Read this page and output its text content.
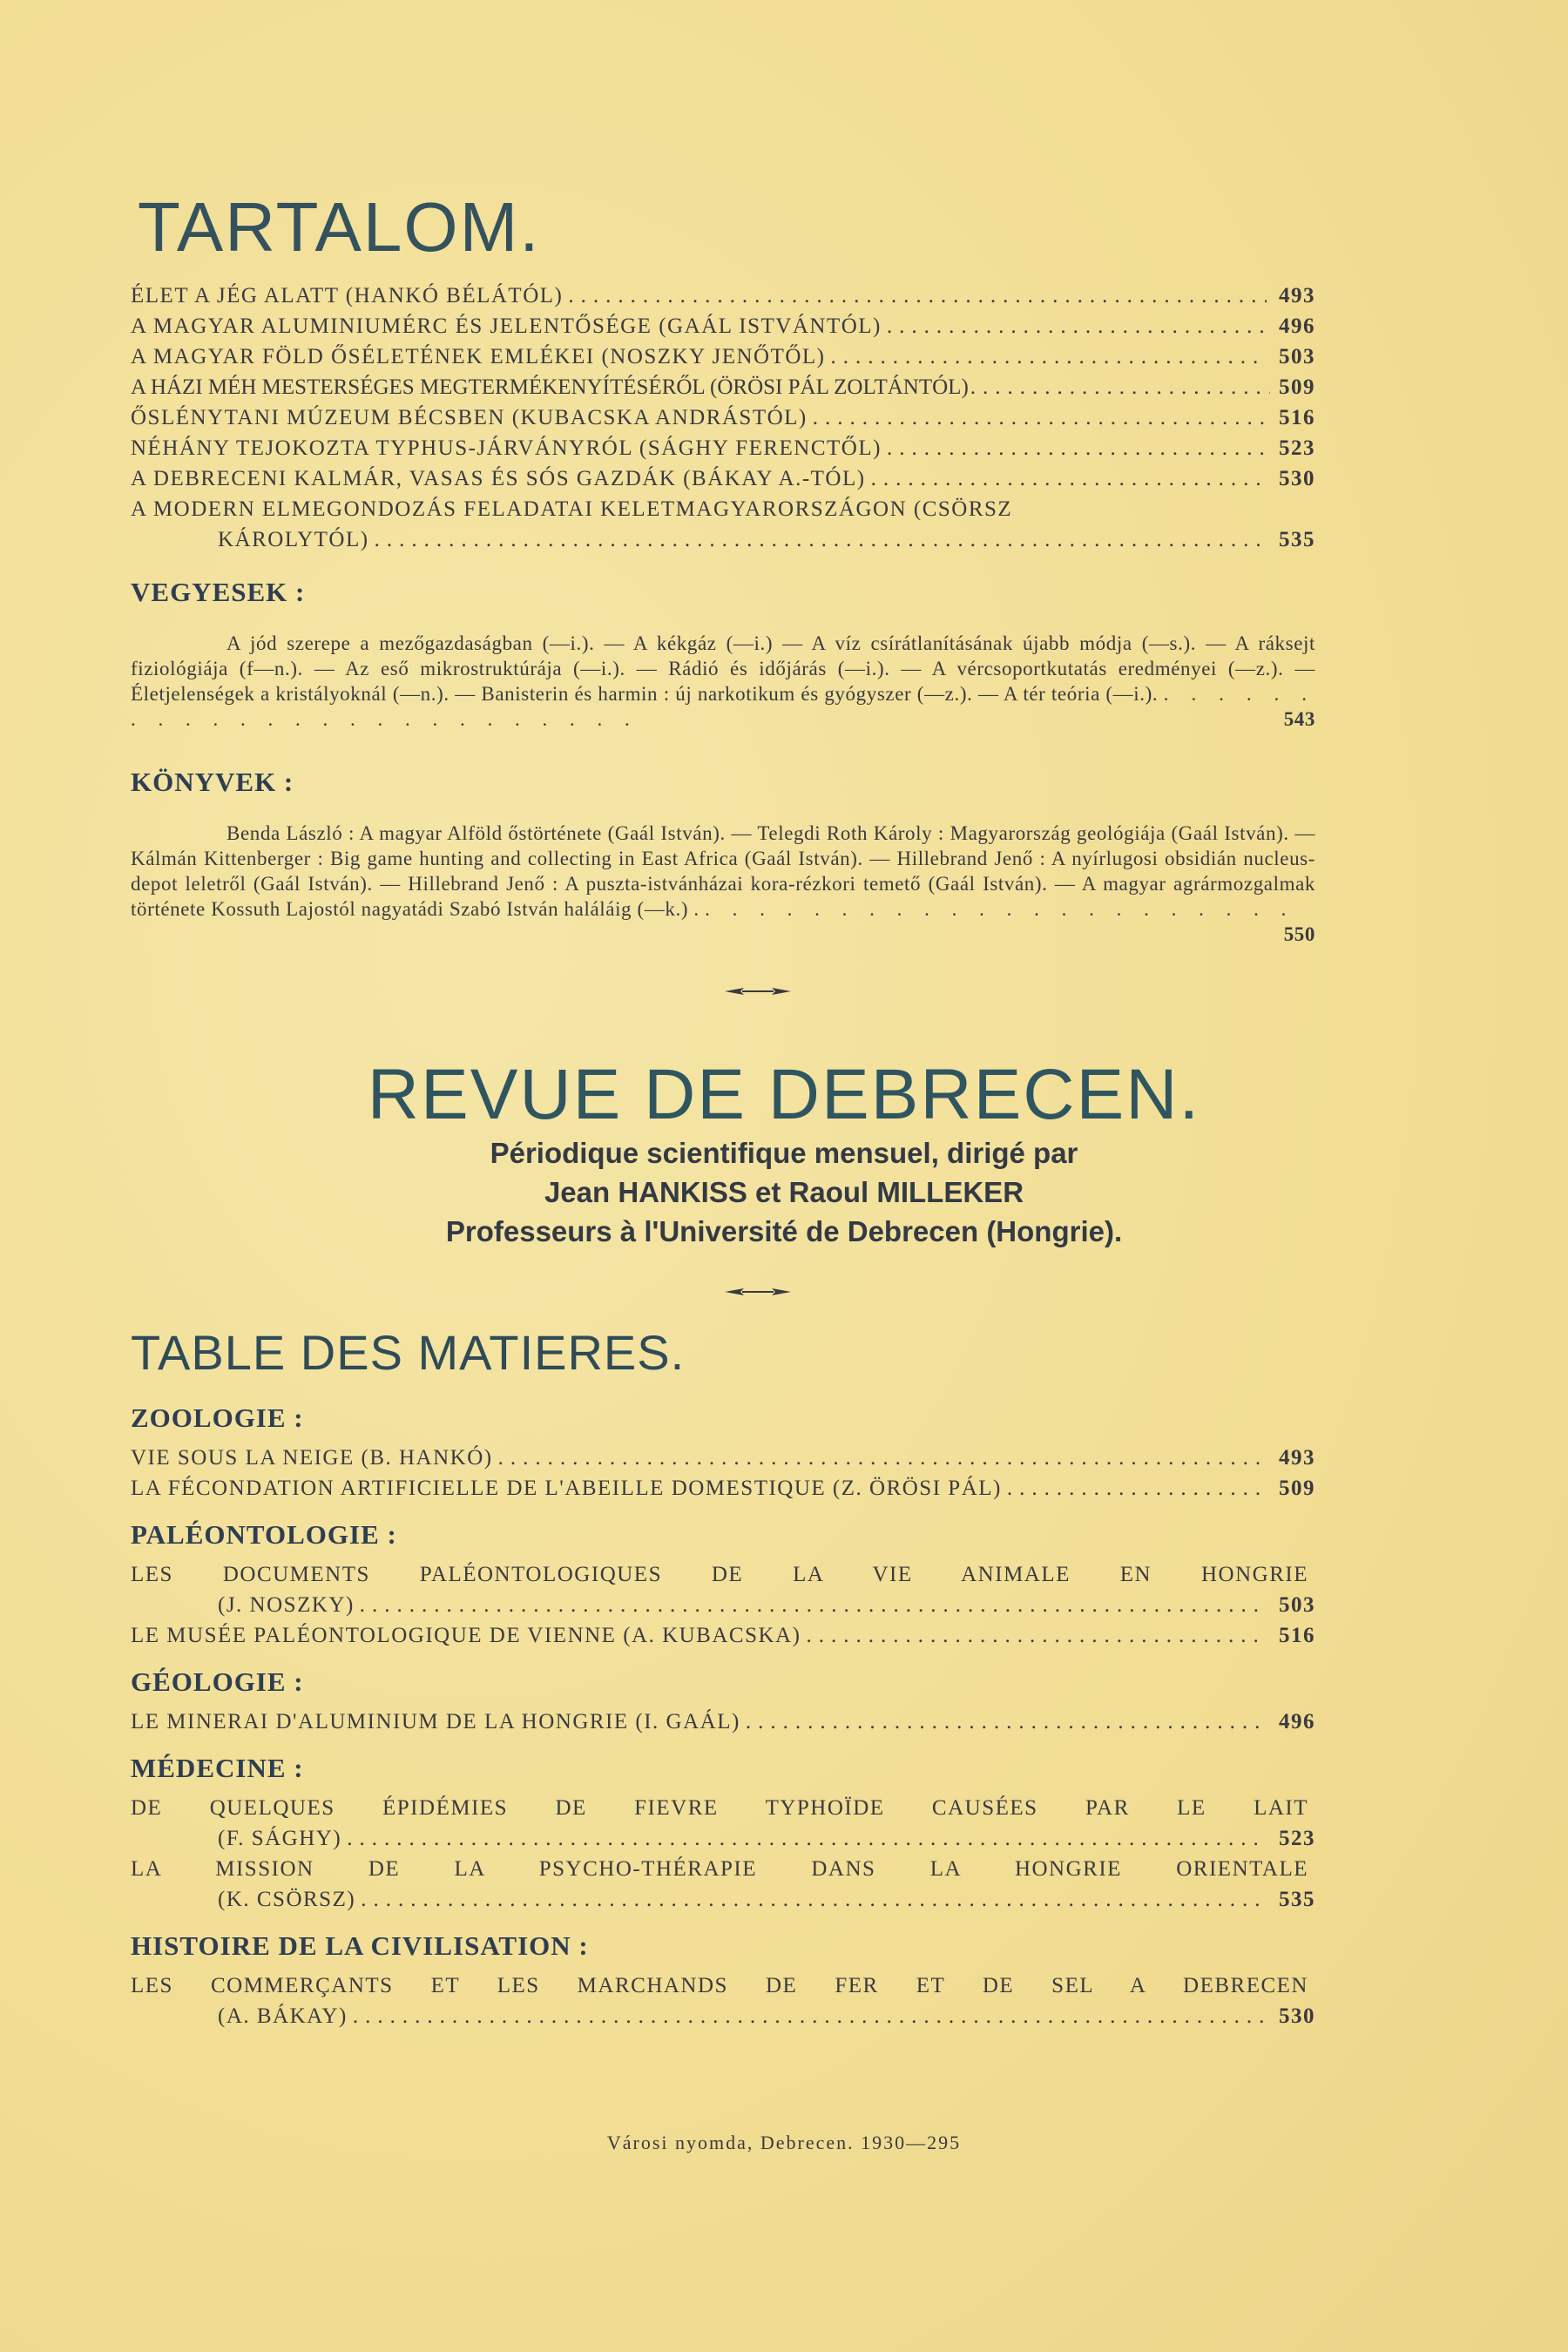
TARTALOM.
ÉLET A JÉG ALATT (HANKÓ BÉLÁTÓL) .....	493
A MAGYAR ALUMINIUMÉRC ÉS JELENTŐSÉGE (GAÁL ISTVÁNTÓL) .....	496
A MAGYAR FÖLD ŐSÉLETÉNEK EMLÉKEI (NOSZKY JENŐTŐL) .....	503
A HÁZI MÉH MESTERSÉGES MEGTERMÉKENYÍTÉSÉRŐL (ÖRÖSI PÁL ZOLTÁNTÓL) .....	509
ŐSLÉNYTANI MÚZEUM BÉCSBEN (KUBACSKA ANDRÁSTÓL) .....	516
NÉHÁNY TEJOKOZTA TYPHUS-JÁRVÁNYRÓL (SÁGHY FERENCTŐL) .....	523
A DEBRECENI KALMÁR, VASAS ÉS SÓS GAZDÁK (BÁKAY A.-TÓL) .....	530
A MODERN ELMEGONDOZÁS FELADATAI KELETMAGYARORSZÁGON (CSÖRSZ
KÁROLYTÓL) .....	535
VEGYESEK :

A jód szerepe a mezőgazdaságban (—i.). — A kékgáz (—i.) — A víz csírátlanításának újabb módja (—s.). — A ráksejt fiziológiája (f—n.). — Az eső mikrostruktúrája (—i.). — Rádió és időjárás (—i.). — A vércsoportkutatás eredményei (—z.). — Életjelenségek a kristályoknál (—n.). — Banisterin és harmin : új narkotikum és gyógyszer (—z.). — A tér teória (—i.). . . . . . . . . . . . . . . . . . . . . . . . . .	543

KÖNYVEK :

Benda László : A magyar Alföld őstörténete (Gaál István). — Telegdi Roth Károly : Magyarország geológiája (Gaál István). — Kálmán Kittenberger : Big game hunting and collecting in East Africa (Gaál István). — Hillebrand Jenő : A nyírlugosi obsidián nucleus-depot leletről (Gaál István). — Hillebrand Jenő : A puszta-istvánházai kora-rézkori temető (Gaál István). — A magyar agrármozgalmak története Kossuth Lajostól nagyatádi Szabó István haláláig (—k.) . . . . . . . . . . . . . . . . . . . . . . .
550

REVUE DE DEBRECEN.
Périodique scientifique mensuel, dirigé par
Jean HANKISS et Raoul MILLEKER
Professeurs à l'Université de Debrecen (Hongrie).
TABLE DES MATIERES.
ZOOLOGIE :
VIE SOUS LA NEIGE (B. HANKÓ) .....	493
LA FÉCONDATION ARTIFICIELLE DE L'ABEILLE DOMESTIQUE (Z. ÖRÖSI PÁL) .....	509
PALÉONTOLOGIE :
LES DOCUMENTS PALÉONTOLOGIQUES DE LA VIE ANIMALE EN HONGRIE
(J. NOSZKY) .....	503
LE MUSÉE PALÉONTOLOGIQUE DE VIENNE (A. KUBACSKA) .....	516
GÉOLOGIE :
LE MINERAI D'ALUMINIUM DE LA HONGRIE (I. GAÁL) .....	496
MÉDECINE :
DE QUELQUES ÉPIDÉMIES DE FIEVRE TYPHOÏDE CAUSÉES PAR LE LAIT
(F. SÁGHY) .....	523
LA MISSION DE LA PSYCHO-THÉRAPIE DANS LA HONGRIE ORIENTALE
(K. CSÖRSZ) .....	535
HISTOIRE DE LA CIVILISATION :
LES COMMERÇANTS ET LES MARCHANDS DE FER ET DE SEL A DEBRECEN
(A. BÁKAY) .....	530
Városi nyomda, Debrecen. 1930—295
